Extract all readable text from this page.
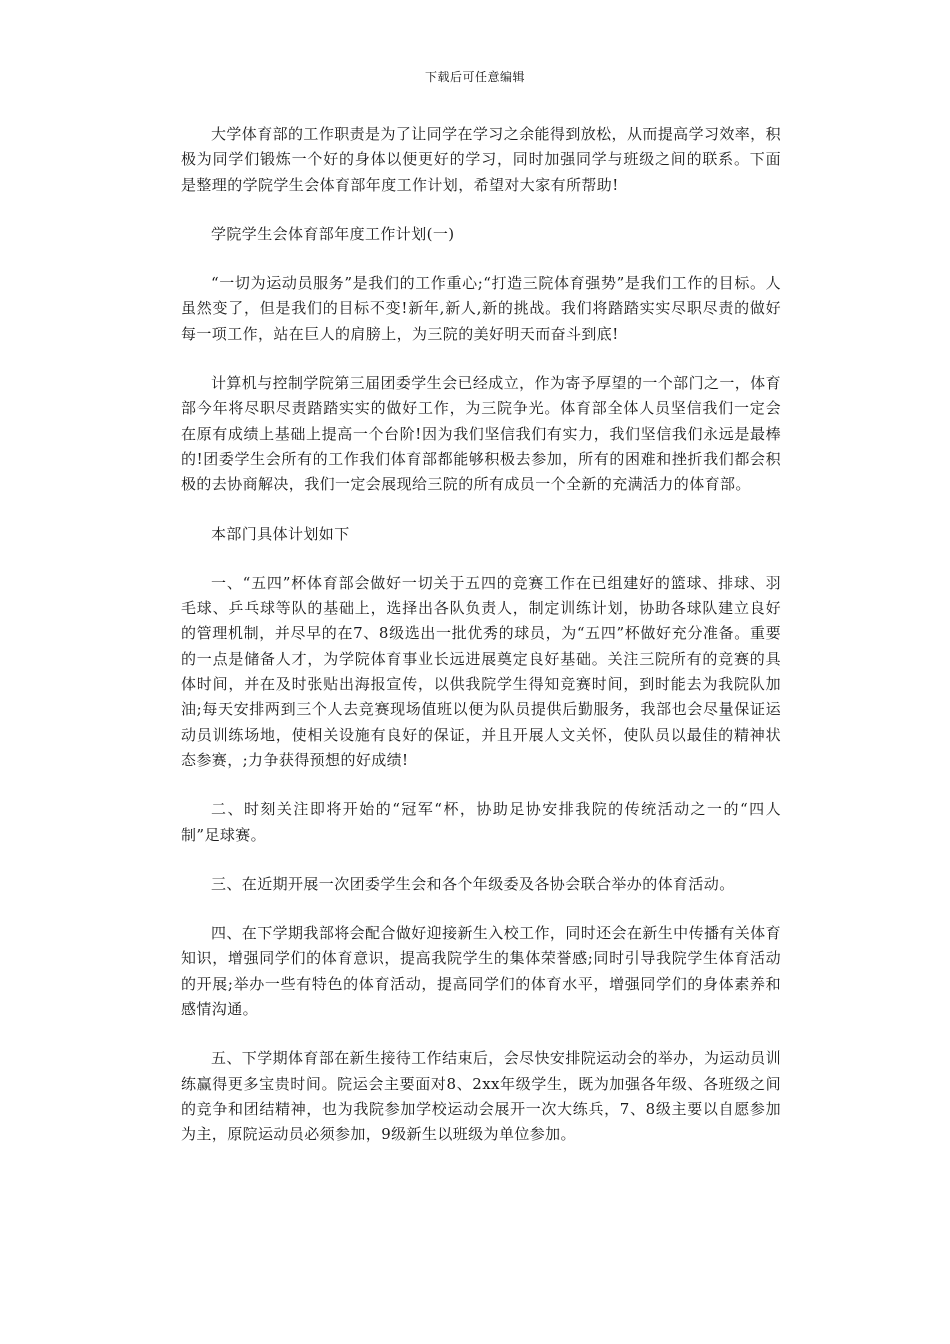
下载后可任意编辑

大学体育部的工作职责是为了让同学在学习之余能得到放松，从而提高学习效率，积极为同学们锻炼一个好的身体以便更好的学习，同时加强同学与班级之间的联系。下面是整理的学院学生会体育部年度工作计划，希望对大家有所帮助!

学院学生会体育部年度工作计划(一)

“一切为运动员服务”是我们的工作重心;“打造三院体育强势”是我们工作的目标。人虽然变了，但是我们的目标不变!新年,新人,新的挑战。我们将踏踏实实尽职尽责的做好每一项工作，站在巨人的肩膀上，为三院的美好明天而奋斗到底!

计算机与控制学院第三届团委学生会已经成立，作为寄予厚望的一个部门之一，体育部今年将尽职尽责踏踏实实的做好工作，为三院争光。体育部全体人员坚信我们一定会在原有成绩上基础上提高一个台阶!因为我们坚信我们有实力，我们坚信我们永远是最棒的!团委学生会所有的工作我们体育部都能够积极去参加，所有的困难和挫折我们都会积极的去协商解决，我们一定会展现给三院的所有成员一个全新的充满活力的体育部。

本部门具体计划如下

一、“五四”杯体育部会做好一切关于五四的竞赛工作在已组建好的篮球、排球、羽毛球、乒乓球等队的基础上，选择出各队负责人，制定训练计划，协助各球队建立良好的管理机制，并尽早的在7、8级选出一批优秀的球员，为“五四”杯做好充分准备。重要的一点是储备人才，为学院体育事业长远进展奠定良好基础。关注三院所有的竞赛的具体时间，并在及时张贴出海报宣传，以供我院学生得知竞赛时间，到时能去为我院队加油;每天安排两到三个人去竞赛现场值班以便为队员提供后勤服务，我部也会尽量保证运动员训练场地，使相关设施有良好的保证，并且开展人文关怀，使队员以最佳的精神状态参赛，;力争获得预想的好成绩!

二、时刻关注即将开始的“冠军“杯，协助足协安排我院的传统活动之一的“四人制”足球赛。

三、在近期开展一次团委学生会和各个年级委及各协会联合举办的体育活动。

四、在下学期我部将会配合做好迎接新生入校工作，同时还会在新生中传播有关体育知识，增强同学们的体育意识，提高我院学生的集体荣誉感;同时引导我院学生体育活动的开展;举办一些有特色的体育活动，提高同学们的体育水平，增强同学们的身体素养和感情沟通。

五、下学期体育部在新生接待工作结束后，会尽快安排院运动会的举办，为运动员训练赢得更多宝贵时间。院运会主要面对8、2xx年级学生，既为加强各年级、各班级之间的竞争和团结精神，也为我院参加学校运动会展开一次大练兵，7、8级主要以自愿参加为主，原院运动员必须参加，9级新生以班级为单位参加。
